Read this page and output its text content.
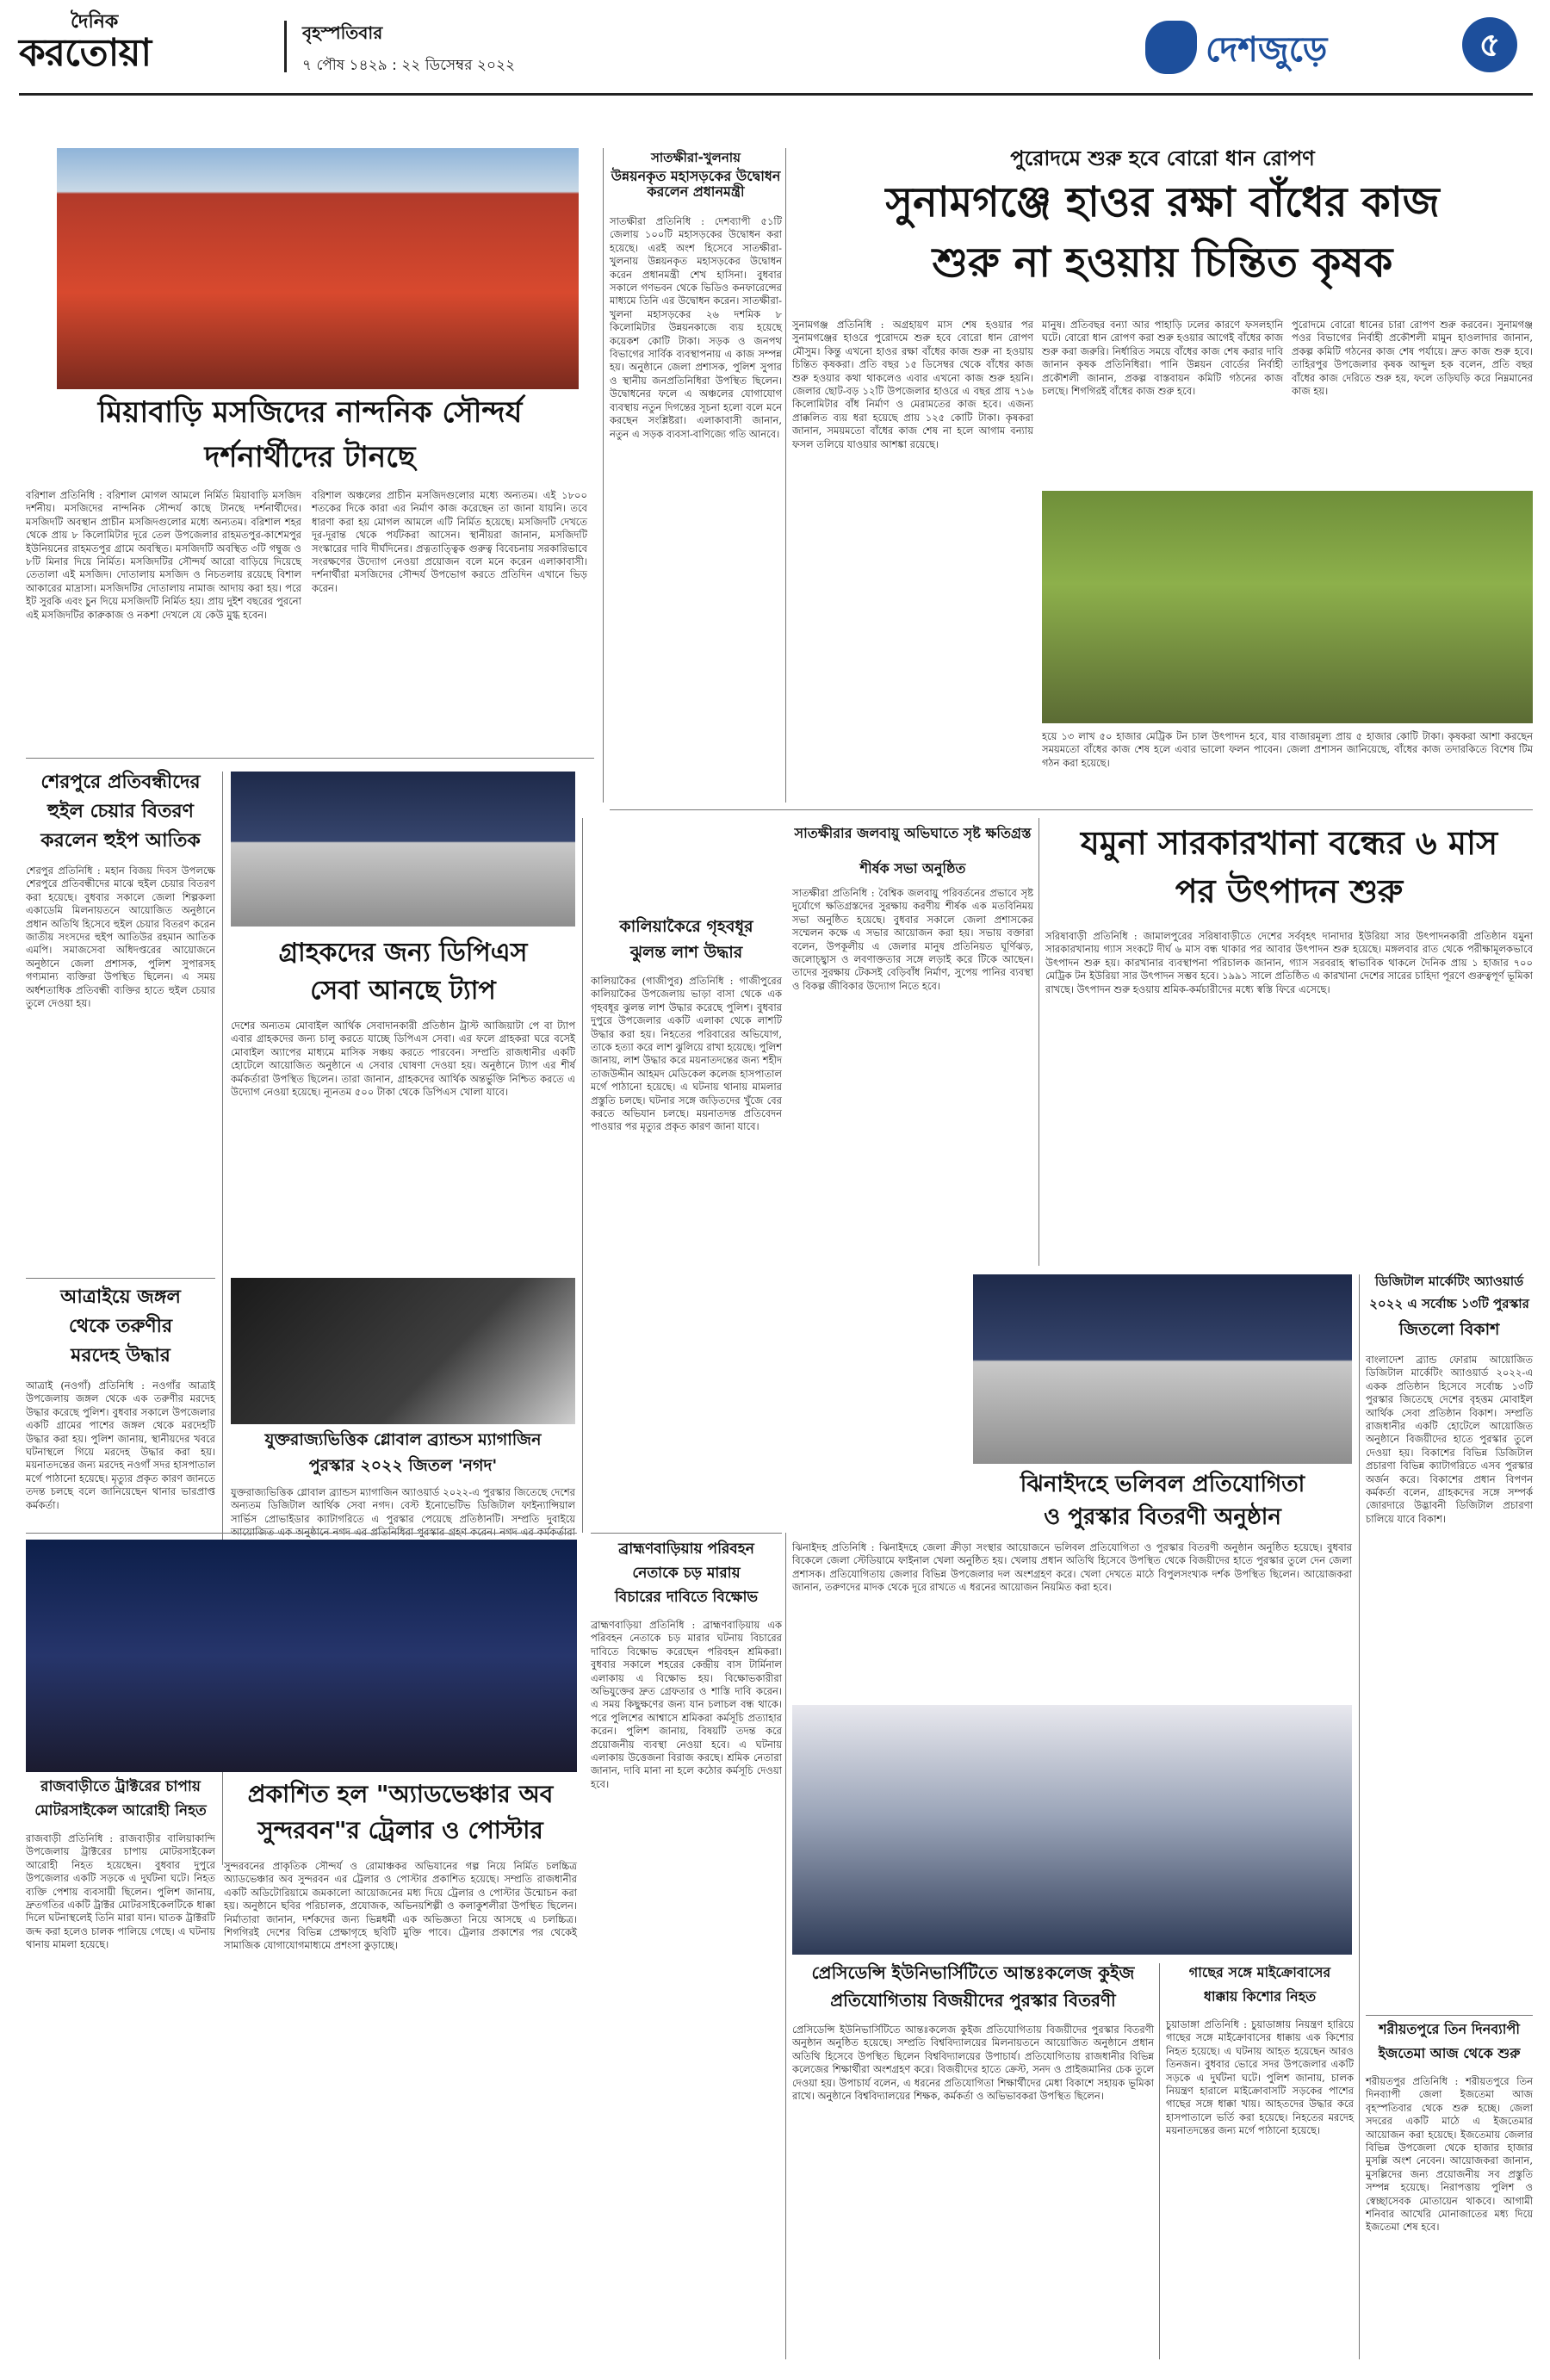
দৈনিক
করতোয়া	বৃহস্পতিবার
৭ পৌষ ১৪২৯ : ২২ ডিসেম্বর ২০২২	দেশজুড়ে	৫
মিয়াবাড়ি মসজিদের নান্দনিক সৌন্দর্য
দর্শনার্থীদের টানছে
বরিশাল প্রতিনিধি : বরিশাল মোগল আমলে নির্মিত মিয়াবাড়ি মসজিদ দর্শনীয়। মসজিদের নান্দনিক সৌন্দর্য কাছে টানছে দর্শনার্থীদের। মসজিদটি অবস্থান প্রাচীন মসজিদগুলোর মধ্যে অন্যতম। বরিশাল শহর থেকে প্রায় ৮ কিলোমিটার দূরে তেল উপজেলার রাহমতপুর-কাশেমপুর ইউনিয়নের রাহমতপুর গ্রামে অবস্থিত। মসজিদটি অবস্থিত ৩টি গম্বুজ ও ৮টি মিনার দিয়ে নির্মিত। মসজিদটির সৌন্দর্য আরো বাড়িয়ে দিয়েছে তেতালা এই মসজিদ। দোতালায় মসজিদ ও নিচতলায় রয়েছে বিশাল আকারের মাদ্রাসা। মসজিদটির দোতালায় নামাজ আদায় করা হয়। পরে ইট সুরকি এবং চুন দিয়ে মসজিদটি নির্মিত হয়। প্রায় দুইশ বছরের পুরনো এই মসজিদটির কারুকাজ ও নকশা দেখলে যে কেউ মুগ্ধ হবেন।
বরিশাল অঞ্চলের প্রাচীন মসজিদগুলোর মধ্যে অন্যতম। এই ১৮০০ শতকের দিকে কারা এর নির্মাণ কাজ করেছেন তা জানা যায়নি। তবে ধারণা করা হয় মোগল আমলে এটি নির্মিত হয়েছে। মসজিদটি দেখতে দূর-দূরান্ত থেকে পর্যটকরা আসেন। স্থানীয়রা জানান, মসজিদটি সংস্কারের দাবি দীর্ঘদিনের। প্রত্নতাত্ত্বিক গুরুত্ব বিবেচনায় সরকারিভাবে সংরক্ষণের উদ্যোগ নেওয়া প্রয়োজন বলে মনে করেন এলাকাবাসী। দর্শনার্থীরা মসজিদের সৌন্দর্য উপভোগ করতে প্রতিদিন এখানে ভিড় করেন।
সাতক্ষীরা-খুলনায়
উন্নয়নকৃত মহাসড়কের উদ্বোধন করলেন প্রধানমন্ত্রী
সাতক্ষীরা প্রতিনিধি : দেশব্যাপী ৫১টি জেলায় ১০০টি মহাসড়কের উদ্বোধন করা হয়েছে। এরই অংশ হিসেবে সাতক্ষীরা-খুলনায় উন্নয়নকৃত মহাসড়কের উদ্বোধন করেন প্রধানমন্ত্রী শেখ হাসিনা। বুধবার সকালে গণভবন থেকে ভিডিও কনফারেন্সের মাধ্যমে তিনি এর উদ্বোধন করেন। সাতক্ষীরা-খুলনা মহাসড়কের ২৬ দশমিক ৮ কিলোমিটার উন্নয়নকাজে ব্যয় হয়েছে কয়েকশ কোটি টাকা। সড়ক ও জনপথ বিভাগের সার্বিক ব্যবস্থাপনায় এ কাজ সম্পন্ন হয়। অনুষ্ঠানে জেলা প্রশাসক, পুলিশ সুপার ও স্থানীয় জনপ্রতিনিধিরা উপস্থিত ছিলেন। উদ্বোধনের ফলে এ অঞ্চলের যোগাযোগ ব্যবস্থায় নতুন দিগন্তের সূচনা হলো বলে মনে করছেন সংশ্লিষ্টরা। এলাকাবাসী জানান, নতুন এ সড়ক ব্যবসা-বাণিজ্যে গতি আনবে।
পুরোদমে শুরু হবে বোরো ধান রোপণ
সুনামগঞ্জে হাওর রক্ষা বাঁধের কাজ
শুরু না হওয়ায় চিন্তিত কৃষক
সুনামগঞ্জ প্রতিনিধি : অগ্রহায়ণ মাস শেষ হওয়ার পর সুনামগঞ্জের হাওরে পুরোদমে শুরু হবে বোরো ধান রোপণ মৌসুম। কিন্তু এখনো হাওর রক্ষা বাঁধের কাজ শুরু না হওয়ায় চিন্তিত কৃষকরা। প্রতি বছর ১৫ ডিসেম্বর থেকে বাঁধের কাজ শুরু হওয়ার কথা থাকলেও এবার এখনো কাজ শুরু হয়নি। জেলার ছোট-বড় ১২টি উপজেলার হাওরে এ বছর প্রায় ৭১৬ কিলোমিটার বাঁধ নির্মাণ ও মেরামতের কাজ হবে। এজন্য প্রাক্কলিত ব্যয় ধরা হয়েছে প্রায় ১২৫ কোটি টাকা। কৃষকরা জানান, সময়মতো বাঁধের কাজ শেষ না হলে আগাম বন্যায় ফসল তলিয়ে যাওয়ার আশঙ্কা রয়েছে।
মানুষ। প্রতিবছর বন্যা আর পাহাড়ি ঢলের কারণে ফসলহানি ঘটে। বোরো ধান রোপণ করা শুরু হওয়ার আগেই বাঁধের কাজ শুরু করা জরুরি। নির্ধারিত সময়ে বাঁধের কাজ শেষ করার দাবি জানান কৃষক প্রতিনিধিরা। পানি উন্নয়ন বোর্ডের নির্বাহী প্রকৌশলী জানান, প্রকল্প বাস্তবায়ন কমিটি গঠনের কাজ চলছে। শিগগিরই বাঁধের কাজ শুরু হবে।
পুরোদমে বোরো ধানের চারা রোপণ শুরু করবেন। সুনামগঞ্জ পওর বিভাগের নির্বাহী প্রকৌশলী মামুন হাওলাদার জানান, প্রকল্প কমিটি গঠনের কাজ শেষ পর্যায়ে। দ্রুত কাজ শুরু হবে। তাহিরপুর উপজেলার কৃষক আব্দুল হক বলেন, প্রতি বছর বাঁধের কাজ দেরিতে শুরু হয়, ফলে তড়িঘড়ি করে নিম্নমানের কাজ হয়।
হয়ে ১৩ লাখ ৫০ হাজার মেট্রিক টন চাল উৎপাদন হবে, যার বাজারমূল্য প্রায় ৫ হাজার কোটি টাকা। কৃষকরা আশা করছেন সময়মতো বাঁধের কাজ শেষ হলে এবার ভালো ফলন পাবেন। জেলা প্রশাসন জানিয়েছে, বাঁধের কাজ তদারকিতে বিশেষ টিম গঠন করা হয়েছে।
শেরপুরে প্রতিবন্ধীদের
হুইল চেয়ার বিতরণ
করলেন হুইপ আতিক
শেরপুর প্রতিনিধি : মহান বিজয় দিবস উপলক্ষে শেরপুরে প্রতিবন্ধীদের মাঝে হুইল চেয়ার বিতরণ করা হয়েছে। বুধবার সকালে জেলা শিল্পকলা একাডেমি মিলনায়তনে আয়োজিত অনুষ্ঠানে প্রধান অতিথি হিসেবে হুইল চেয়ার বিতরণ করেন জাতীয় সংসদের হুইপ আতিউর রহমান আতিক এমপি। সমাজসেবা অধিদপ্তরের আয়োজনে অনুষ্ঠানে জেলা প্রশাসক, পুলিশ সুপারসহ গণ্যমান্য ব্যক্তিরা উপস্থিত ছিলেন। এ সময় অর্ধশতাধিক প্রতিবন্ধী ব্যক্তির হাতে হুইল চেয়ার তুলে দেওয়া হয়।
আত্রাইয়ে জঙ্গল
থেকে তরুণীর
মরদেহ উদ্ধার
আত্রাই (নওগাঁ) প্রতিনিধি : নওগাঁর আত্রাই উপজেলায় জঙ্গল থেকে এক তরুণীর মরদেহ উদ্ধার করেছে পুলিশ। বুধবার সকালে উপজেলার একটি গ্রামের পাশের জঙ্গল থেকে মরদেহটি উদ্ধার করা হয়। পুলিশ জানায়, স্থানীয়দের খবরে ঘটনাস্থলে গিয়ে মরদেহ উদ্ধার করা হয়। ময়নাতদন্তের জন্য মরদেহ নওগাঁ সদর হাসপাতাল মর্গে পাঠানো হয়েছে। মৃত্যুর প্রকৃত কারণ জানতে তদন্ত চলছে বলে জানিয়েছেন থানার ভারপ্রাপ্ত কর্মকর্তা।
গ্রাহকদের জন্য ডিপিএস
সেবা আনছে ট্যাপ
দেশের অন্যতম মোবাইল আর্থিক সেবাদানকারী প্রতিষ্ঠান ট্রাস্ট আজিয়াটা পে বা ট্যাপ এবার গ্রাহকদের জন্য চালু করতে যাচ্ছে ডিপিএস সেবা। এর ফলে গ্রাহকরা ঘরে বসেই মোবাইল অ্যাপের মাধ্যমে মাসিক সঞ্চয় করতে পারবেন। সম্প্রতি রাজধানীর একটি হোটেলে আয়োজিত অনুষ্ঠানে এ সেবার ঘোষণা দেওয়া হয়। অনুষ্ঠানে ট্যাপ এর শীর্ষ কর্মকর্তারা উপস্থিত ছিলেন। তারা জানান, গ্রাহকদের আর্থিক অন্তর্ভুক্তি নিশ্চিত করতে এ উদ্যোগ নেওয়া হয়েছে। ন্যূনতম ৫০০ টাকা থেকে ডিপিএস খোলা যাবে।
সাতক্ষীরার জলবায়ু অভিঘাতে সৃষ্ট ক্ষতিগ্রস্ত
শীর্ষক সভা অনুষ্ঠিত
সাতক্ষীরা প্রতিনিধি : বৈশ্বিক জলবায়ু পরিবর্তনের প্রভাবে সৃষ্ট দুর্যোগে ক্ষতিগ্রস্তদের সুরক্ষায় করণীয় শীর্ষক এক মতবিনিময় সভা অনুষ্ঠিত হয়েছে। বুধবার সকালে জেলা প্রশাসকের সম্মেলন কক্ষে এ সভার আয়োজন করা হয়। সভায় বক্তারা বলেন, উপকূলীয় এ জেলার মানুষ প্রতিনিয়ত ঘূর্ণিঝড়, জলোচ্ছ্বাস ও লবণাক্ততার সঙ্গে লড়াই করে টিকে আছেন। তাদের সুরক্ষায় টেকসই বেড়িবাঁধ নির্মাণ, সুপেয় পানির ব্যবস্থা ও বিকল্প জীবিকার উদ্যোগ নিতে হবে।
কালিয়াকৈরে গৃহবধূর
ঝুলন্ত লাশ উদ্ধার
কালিয়াকৈর (গাজীপুর) প্রতিনিধি : গাজীপুরের কালিয়াকৈর উপজেলায় ভাড়া বাসা থেকে এক গৃহবধূর ঝুলন্ত লাশ উদ্ধার করেছে পুলিশ। বুধবার দুপুরে উপজেলার একটি এলাকা থেকে লাশটি উদ্ধার করা হয়। নিহতের পরিবারের অভিযোগ, তাকে হত্যা করে লাশ ঝুলিয়ে রাখা হয়েছে। পুলিশ জানায়, লাশ উদ্ধার করে ময়নাতদন্তের জন্য শহীদ তাজউদ্দীন আহমদ মেডিকেল কলেজ হাসপাতাল মর্গে পাঠানো হয়েছে। এ ঘটনায় থানায় মামলার প্রস্তুতি চলছে। ঘটনার সঙ্গে জড়িতদের খুঁজে বের করতে অভিযান চলছে। ময়নাতদন্ত প্রতিবেদন পাওয়ার পর মৃত্যুর প্রকৃত কারণ জানা যাবে।
যমুনা সারকারখানা বন্ধের ৬ মাস
পর উৎপাদন শুরু
সরিষাবাড়ী প্রতিনিধি : জামালপুরের সরিষাবাড়ীতে দেশের সর্ববৃহৎ দানাদার ইউরিয়া সার উৎপাদনকারী প্রতিষ্ঠান যমুনা সারকারখানায় গ্যাস সংকটে দীর্ঘ ৬ মাস বন্ধ থাকার পর আবার উৎপাদন শুরু হয়েছে। মঙ্গলবার রাত থেকে পরীক্ষামূলকভাবে উৎপাদন শুরু হয়। কারখানার ব্যবস্থাপনা পরিচালক জানান, গ্যাস সরবরাহ স্বাভাবিক থাকলে দৈনিক প্রায় ১ হাজার ৭০০ মেট্রিক টন ইউরিয়া সার উৎপাদন সম্ভব হবে। ১৯৯১ সালে প্রতিষ্ঠিত এ কারখানা দেশের সারের চাহিদা পূরণে গুরুত্বপূর্ণ ভূমিকা রাখছে। উৎপাদন শুরু হওয়ায় শ্রমিক-কর্মচারীদের মধ্যে স্বস্তি ফিরে এসেছে।
যুক্তরাজ্যভিত্তিক গ্লোবাল ব্র্যান্ডস ম্যাগাজিন
পুরস্কার ২০২২ জিতল 'নগদ'
যুক্তরাজ্যভিত্তিক গ্লোবাল ব্র্যান্ডস ম্যাগাজিন অ্যাওয়ার্ড ২০২২-এ পুরস্কার জিতেছে দেশের অন্যতম ডিজিটাল আর্থিক সেবা নগদ। বেস্ট ইনোভেটিভ ডিজিটাল ফাইন্যান্সিয়াল সার্ভিস প্রোভাইডার ক্যাটাগরিতে এ পুরস্কার পেয়েছে প্রতিষ্ঠানটি। সম্প্রতি দুবাইয়ে
ঝিনাইদহে ভলিবল প্রতিযোগিতা
ও পুরস্কার বিতরণী অনুষ্ঠান
ঝিনাইদহ প্রতিনিধি : ঝিনাইদহে জেলা ক্রীড়া সংস্থার আয়োজনে ভলিবল প্রতিযোগিতা ও পুরস্কার বিতরণী অনুষ্ঠান অনুষ্ঠিত হয়েছে। বুধবার বিকেলে জেলা স্টেডিয়ামে ফাইনাল খেলা অনুষ্ঠিত হয়। খেলায় প্রধান অতিথি হিসেবে উপস্থিত থেকে বিজয়ীদের হাতে পুরস্কার তুলে দেন জেলা প্রশাসক। প্রতিযোগিতায় জেলার বিভিন্ন উপজেলার দল অংশগ্রহণ করে। খেলা দেখতে মাঠে বিপুলসংখ্যক দর্শক উপস্থিত ছিলেন। আয়োজকরা জানান, তরুণদের মাদক থেকে দূরে রাখতে এ ধরনের আয়োজন নিয়মিত করা হবে।
ডিজিটাল মার্কেটিং অ্যাওয়ার্ড
২০২২ এ সর্বোচ্চ ১৩টি পুরস্কার
জিতলো বিকাশ
বাংলাদেশ ব্র্যান্ড ফোরাম আয়োজিত ডিজিটাল মার্কেটিং অ্যাওয়ার্ড ২০২২-এ একক প্রতিষ্ঠান হিসেবে সর্বোচ্চ ১৩টি পুরস্কার জিতেছে দেশের বৃহত্তম মোবাইল আর্থিক সেবা প্রতিষ্ঠান বিকাশ। সম্প্রতি রাজধানীর একটি হোটেলে আয়োজিত অনুষ্ঠানে বিজয়ীদের হাতে পুরস্কার তুলে দেওয়া হয়। বিকাশের বিভিন্ন ডিজিটাল প্রচারণা বিভিন্ন ক্যাটাগরিতে এসব পুরস্কার অর্জন করে। বিকাশের প্রধান বিপণন কর্মকর্তা বলেন, গ্রাহকদের সঙ্গে সম্পর্ক জোরদারে উদ্ভাবনী ডিজিটাল প্রচারণা চালিয়ে যাবে বিকাশ।
শরীয়তপুরে তিন দিনব্যাপী
ইজতেমা আজ থেকে শুরু
শরীয়তপুর প্রতিনিধি : শরীয়তপুরে তিন দিনব্যাপী জেলা ইজতেমা আজ বৃহস্পতিবার থেকে শুরু হচ্ছে। জেলা সদরের একটি মাঠে এ ইজতেমার আয়োজন করা হয়েছে। ইজতেমায় জেলার বিভিন্ন উপজেলা থেকে হাজার হাজার মুসল্লি অংশ নেবেন। আয়োজকরা জানান, মুসল্লিদের জন্য প্রয়োজনীয় সব প্রস্তুতি সম্পন্ন হয়েছে। নিরাপত্তায় পুলিশ ও স্বেচ্ছাসেবক মোতায়েন থাকবে। আগামী শনিবার আখেরি মোনাজাতের মধ্য দিয়ে ইজতেমা শেষ হবে।
ব্রাহ্মণবাড়িয়ায় পরিবহন
নেতাকে চড় মারায়
বিচারের দাবিতে বিক্ষোভ
ব্রাহ্মণবাড়িয়া প্রতিনিধি : ব্রাহ্মণবাড়িয়ায় এক পরিবহন নেতাকে চড় মারার ঘটনায় বিচারের দাবিতে বিক্ষোভ করেছেন পরিবহন শ্রমিকরা। বুধবার সকালে শহরের কেন্দ্রীয় বাস টার্মিনাল এলাকায় এ বিক্ষোভ হয়। বিক্ষোভকারীরা অভিযুক্তের দ্রুত গ্রেফতার ও শাস্তি দাবি করেন। এ সময় কিছুক্ষণের জন্য যান চলাচল বন্ধ থাকে। পরে পুলিশের আশ্বাসে শ্রমিকরা কর্মসূচি প্রত্যাহার করেন। পুলিশ জানায়, বিষয়টি তদন্ত করে প্রয়োজনীয় ব্যবস্থা নেওয়া হবে। এ ঘটনায় এলাকায় উত্তেজনা বিরাজ করছে। শ্রমিক নেতারা জানান, দাবি মানা না হলে কঠোর কর্মসূচি দেওয়া হবে।
রাজবাড়ীতে ট্রাক্টরের চাপায়
মোটরসাইকেল আরোহী নিহত
রাজবাড়ী প্রতিনিধি : রাজবাড়ীর বালিয়াকান্দি উপজেলায় ট্রাক্টরের চাপায় মোটরসাইকেল আরোহী নিহত হয়েছেন। বুধবার দুপুরে উপজেলার একটি সড়কে এ দুর্ঘটনা ঘটে। নিহত ব্যক্তি পেশায় ব্যবসায়ী ছিলেন। পুলিশ জানায়, দ্রুতগতির একটি ট্রাক্টর মোটরসাইকেলটিকে ধাক্কা দিলে ঘটনাস্থলেই তিনি মারা যান। ঘাতক ট্রাক্টরটি জব্দ করা হলেও চালক পালিয়ে গেছে। এ ঘটনায় থানায় মামলা হয়েছে।
প্রকাশিত হল "অ্যাডভেঞ্চার অব
সুন্দরবন"র ট্রেলার ও পোস্টার
সুন্দরবনের প্রাকৃতিক সৌন্দর্য ও রোমাঞ্চকর অভিযানের গল্প নিয়ে নির্মিত চলচ্চিত্র অ্যাডভেঞ্চার অব সুন্দরবন এর ট্রেলার ও পোস্টার প্রকাশিত হয়েছে। সম্প্রতি রাজধানীর একটি অডিটোরিয়ামে জমকালো আয়োজনের মধ্য দিয়ে ট্রেলার ও পোস্টার উন্মোচন করা হয়। অনুষ্ঠানে ছবির পরিচালক, প্রযোজক, অভিনয়শিল্পী ও কলাকুশলীরা উপস্থিত ছিলেন। নির্মাতারা জানান, দর্শকদের জন্য ভিন্নধর্মী এক অভিজ্ঞতা নিয়ে আসছে এ চলচ্চিত্র। শিগগিরই দেশের বিভিন্ন প্রেক্ষাগৃহে ছবিটি মুক্তি পাবে। ট্রেলার প্রকাশের পর থেকেই সামাজিক যোগাযোগমাধ্যমে প্রশংসা কুড়াচ্ছে।
প্রেসিডেন্সি ইউনিভার্সিটিতে আন্তঃকলেজ কুইজ
প্রতিযোগিতায় বিজয়ীদের পুরস্কার বিতরণী
প্রেসিডেন্সি ইউনিভার্সিটিতে আন্তঃকলেজ কুইজ প্রতিযোগিতায় বিজয়ীদের পুরস্কার বিতরণী অনুষ্ঠান অনুষ্ঠিত হয়েছে। সম্প্রতি বিশ্ববিদ্যালয়ের মিলনায়তনে আয়োজিত অনুষ্ঠানে প্রধান অতিথি হিসেবে উপস্থিত ছিলেন বিশ্ববিদ্যালয়ের উপাচার্য। প্রতিযোগিতায় রাজধানীর বিভিন্ন কলেজের শিক্ষার্থীরা অংশগ্রহণ করে। বিজয়ীদের হাতে ক্রেস্ট, সনদ ও প্রাইজমানির চেক তুলে দেওয়া হয়। উপাচার্য বলেন, এ ধরনের প্রতিযোগিতা শিক্ষার্থীদের মেধা বিকাশে সহায়ক ভূমিকা রাখে। অনুষ্ঠানে বিশ্ববিদ্যালয়ের শিক্ষক, কর্মকর্তা ও অভিভাবকরা উপস্থিত ছিলেন।
গাছের সঙ্গে মাইক্রোবাসের
ধাক্কায় কিশোর নিহত
চুয়াডাঙ্গা প্রতিনিধি : চুয়াডাঙ্গায় নিয়ন্ত্রণ হারিয়ে গাছের সঙ্গে মাইক্রোবাসের ধাক্কায় এক কিশোর নিহত হয়েছে। এ ঘটনায় আহত হয়েছেন আরও তিনজন। বুধবার ভোরে সদর উপজেলার একটি সড়কে এ দুর্ঘটনা ঘটে। পুলিশ জানায়, চালক নিয়ন্ত্রণ হারালে মাইক্রোবাসটি সড়কের পাশের গাছের সঙ্গে ধাক্কা খায়। আহতদের উদ্ধার করে হাসপাতালে ভর্তি করা হয়েছে। নিহতের মরদেহ ময়নাতদন্তের জন্য মর্গে পাঠানো হয়েছে।
